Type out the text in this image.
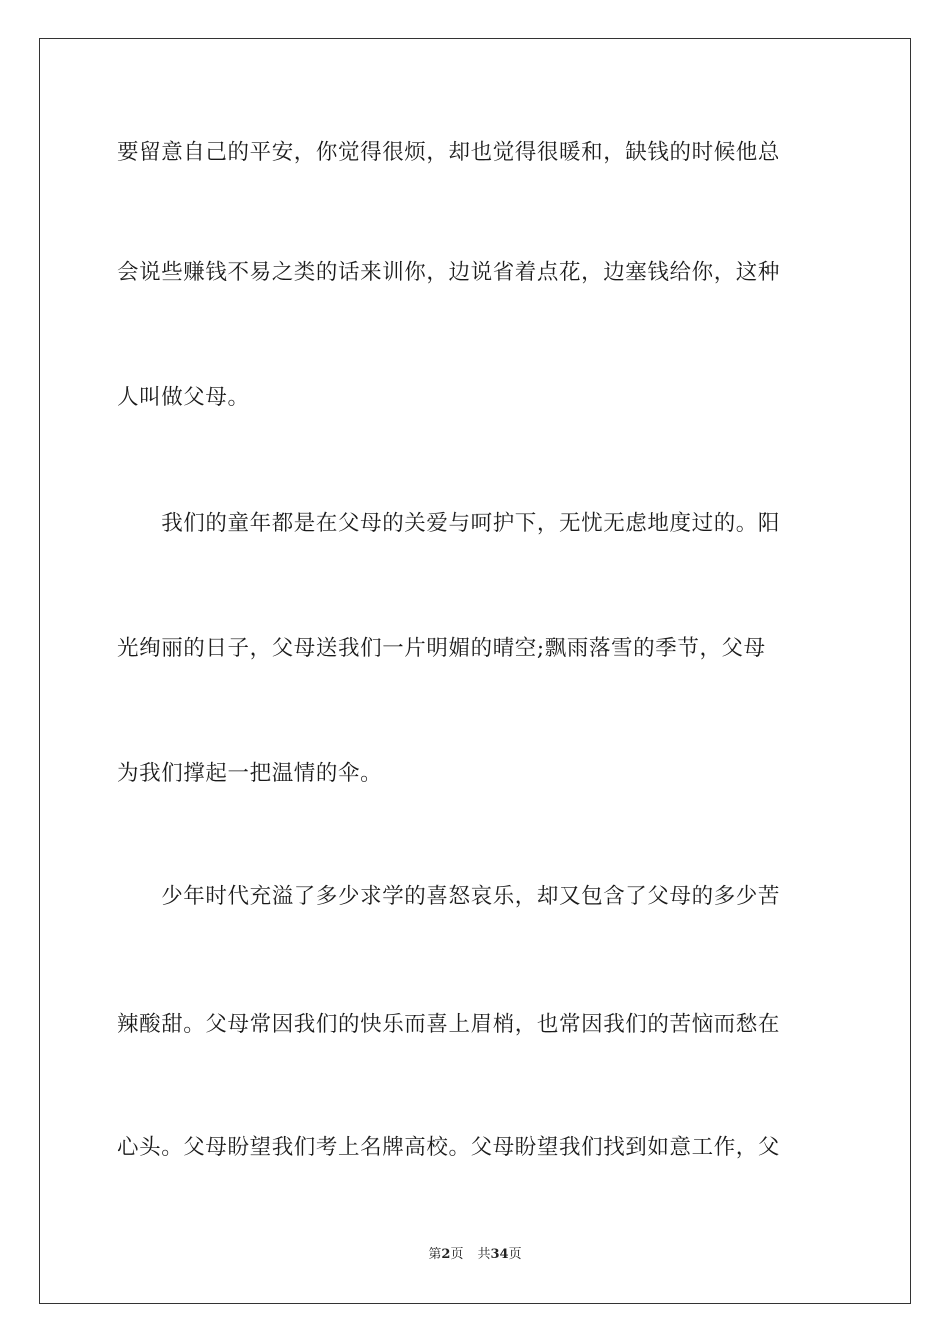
要留意自己的平安，你觉得很烦，却也觉得很暖和，缺钱的时候他总
会说些赚钱不易之类的话来训你，边说省着点花，边塞钱给你，这种
人叫做父母。
　　我们的童年都是在父母的关爱与呵护下，无忧无虑地度过的。阳
光绚丽的日子，父母送我们一片明媚的晴空;飘雨落雪的季节，父母
为我们撑起一把温情的伞。
　　少年时代充溢了多少求学的喜怒哀乐，却又包含了父母的多少苦
辣酸甜。父母常因我们的快乐而喜上眉梢，也常因我们的苦恼而愁在
心头。父母盼望我们考上名牌高校。父母盼望我们找到如意工作，父
第2页 共34页
